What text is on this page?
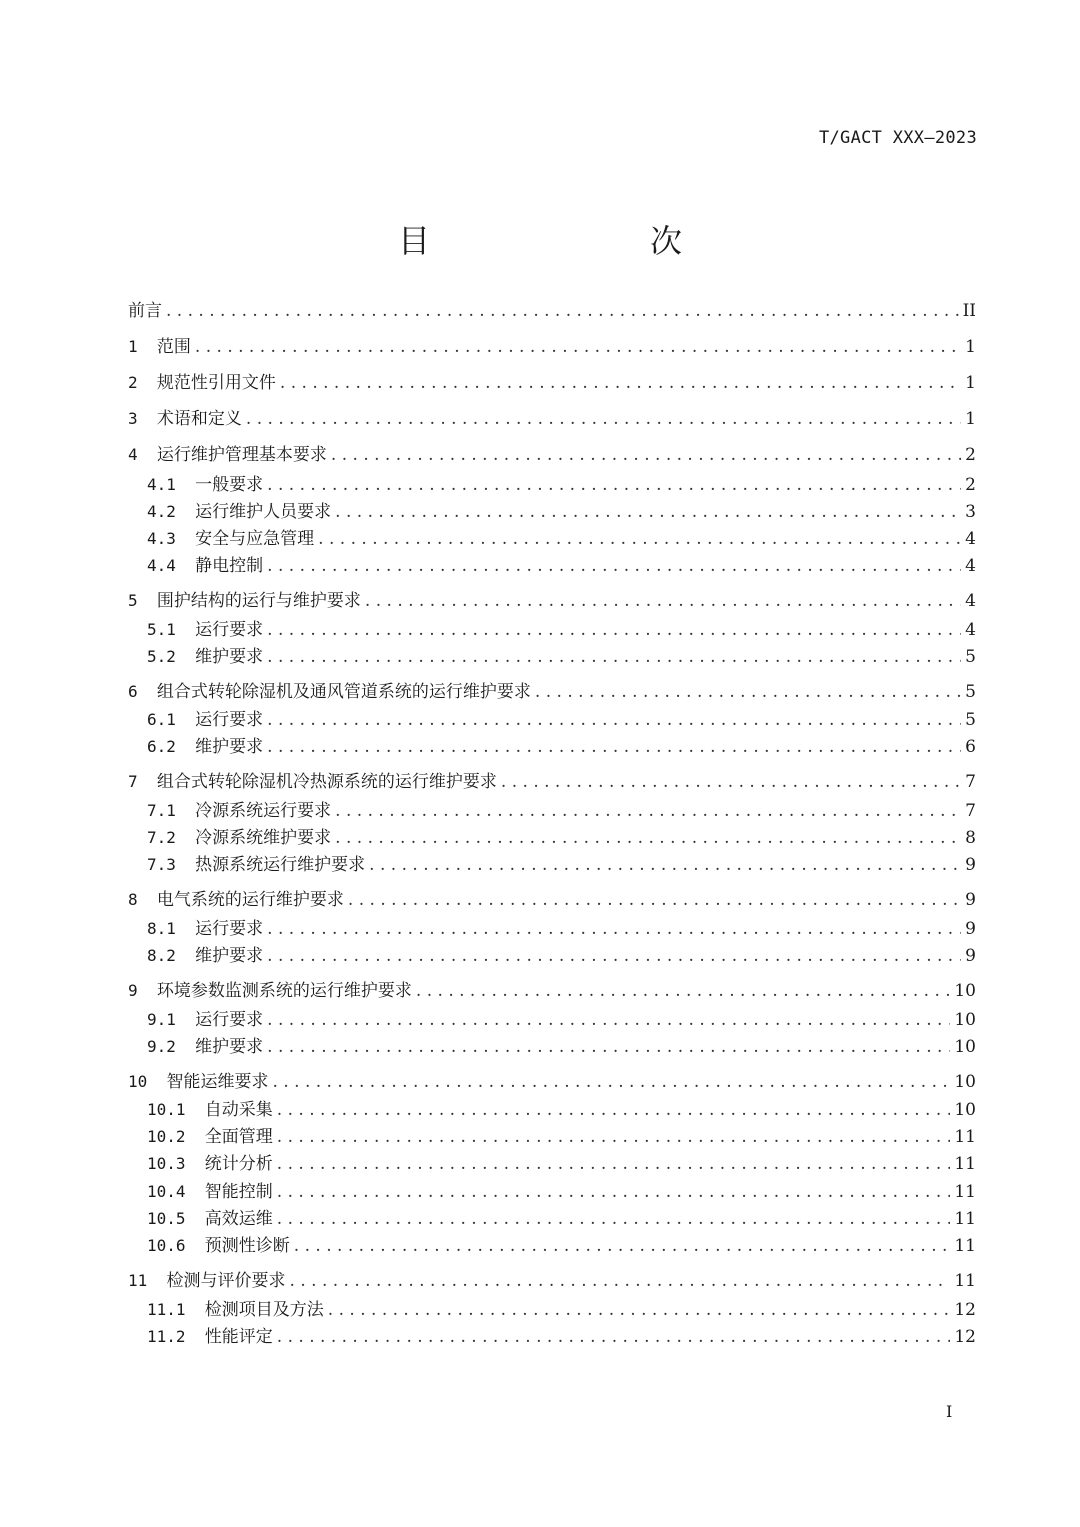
T/GACT XXX—2023
目　　次
前言 .....	II
1 范围 .....	1
2 规范性引用文件 .....	1
3 术语和定义 .....	1
4 运行维护管理基本要求 .....	2
4.1 一般要求 .....	2
4.2 运行维护人员要求 .....	3
4.3 安全与应急管理 .....	4
4.4 静电控制 .....	4
5 围护结构的运行与维护要求 .....	4
5.1 运行要求 .....	4
5.2 维护要求 .....	5
6 组合式转轮除湿机及通风管道系统的运行维护要求 .....	5
6.1 运行要求 .....	5
6.2 维护要求 .....	6
7 组合式转轮除湿机冷热源系统的运行维护要求 .....	7
7.1 冷源系统运行要求 .....	7
7.2 冷源系统维护要求 .....	8
7.3 热源系统运行维护要求 .....	9
8 电气系统的运行维护要求 .....	9
8.1 运行要求 .....	9
8.2 维护要求 .....	9
9 环境参数监测系统的运行维护要求 .....	10
9.1 运行要求 .....	10
9.2 维护要求 .....	10
10 智能运维要求 .....	10
10.1 自动采集 .....	10
10.2 全面管理 .....	11
10.3 统计分析 .....	11
10.4 智能控制 .....	11
10.5 高效运维 .....	11
10.6 预测性诊断 .....	11
11 检测与评价要求 .....	11
11.1 检测项目及方法 .....	12
11.2 性能评定 .....	12
I
